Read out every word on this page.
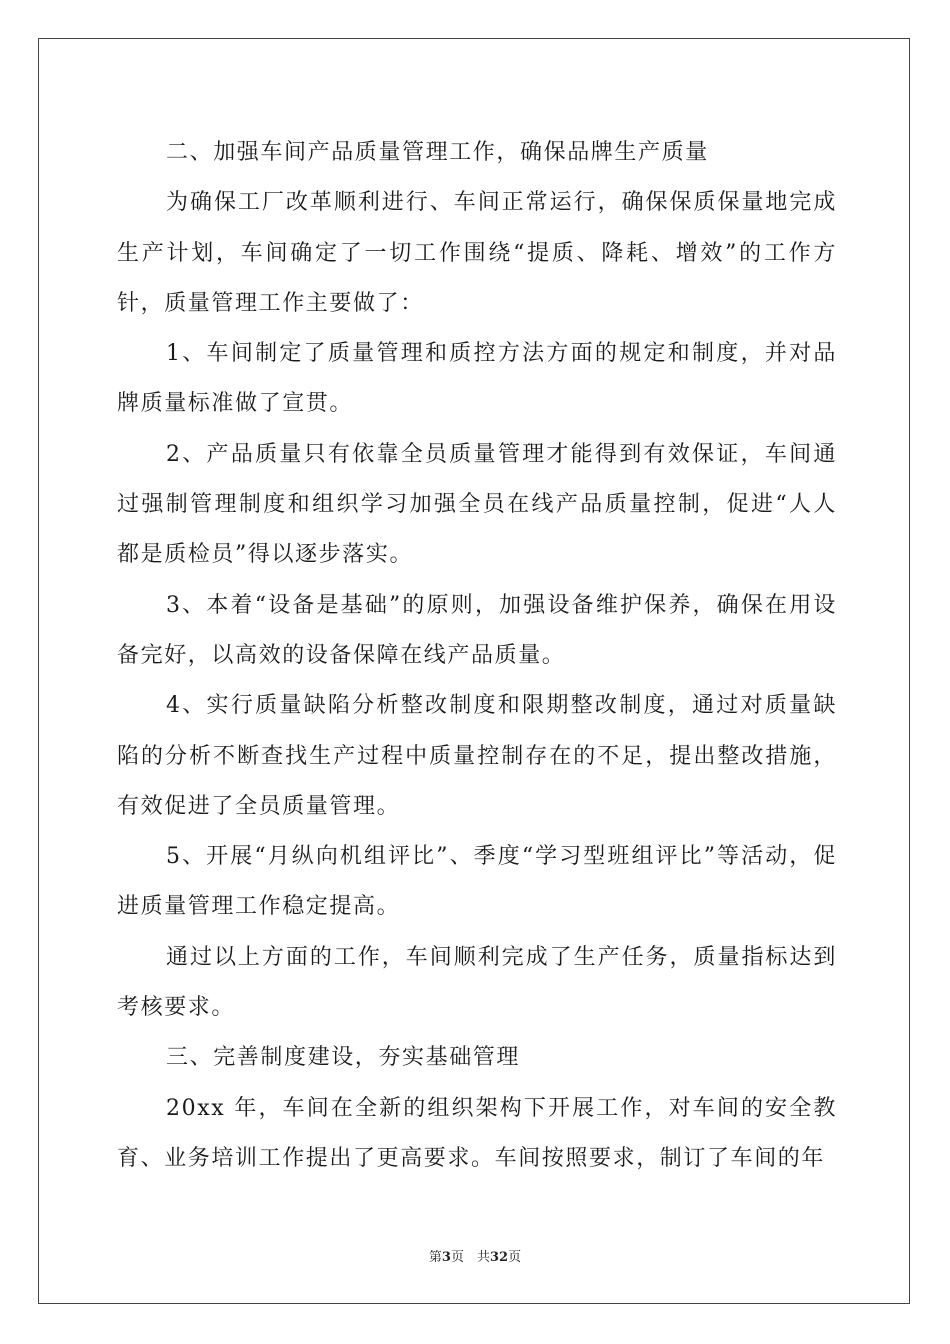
二、加强车间产品质量管理工作，确保品牌生产质量

为确保工厂改革顺利进行、车间正常运行，确保保质保量地完成生产计划，车间确定了一切工作围绕“提质、降耗、增效”的工作方针，质量管理工作主要做了：

1、车间制定了质量管理和质控方法方面的规定和制度，并对品牌质量标准做了宣贯。

2、产品质量只有依靠全员质量管理才能得到有效保证，车间通过强制管理制度和组织学习加强全员在线产品质量控制，促进“人人都是质检员”得以逐步落实。

3、本着“设备是基础”的原则，加强设备维护保养，确保在用设备完好，以高效的设备保障在线产品质量。

4、实行质量缺陷分析整改制度和限期整改制度，通过对质量缺陷的分析不断查找生产过程中质量控制存在的不足，提出整改措施，有效促进了全员质量管理。

5、开展“月纵向机组评比”、季度“学习型班组评比”等活动，促进质量管理工作稳定提高。

通过以上方面的工作，车间顺利完成了生产任务，质量指标达到考核要求。

三、完善制度建设，夯实基础管理

20xx 年，车间在全新的组织架构下开展工作，对车间的安全教育、业务培训工作提出了更高要求。车间按照要求，制订了车间的年

第3页　共32页
